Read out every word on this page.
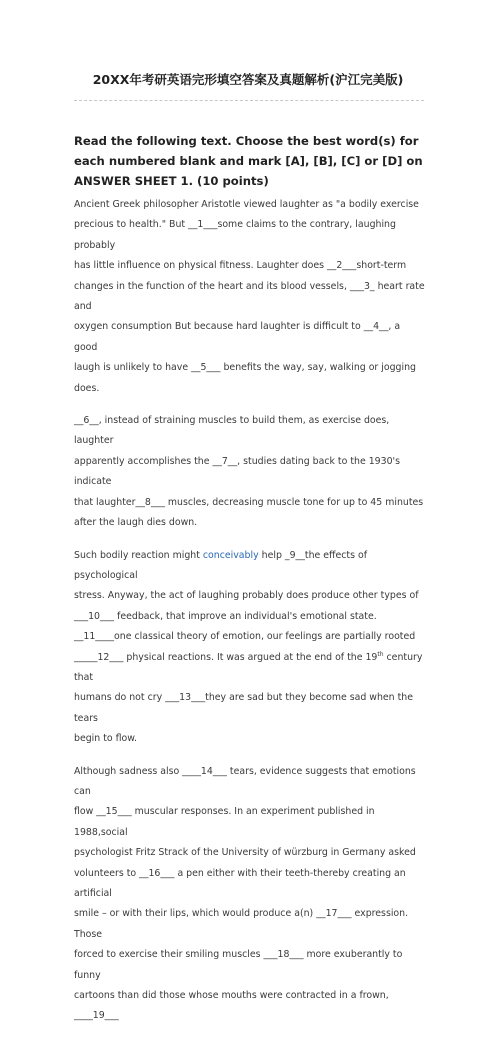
20XX年考研英语完形填空答案及真题解析(沪江完美版)
Read the following text. Choose the best word(s) for each numbered blank and mark [A], [B], [C] or [D] on ANSWER SHEET 1. (10 points)
Ancient Greek philosopher Aristotle viewed laughter as "a bodily exercise
precious to health." But __1___some claims to the contrary, laughing probably
has little influence on physical fitness. Laughter does __2___short-term
changes in the function of the heart and its blood vessels, ___3_ heart rate and
oxygen consumption But because hard laughter is difficult to __4__, a good
laugh is unlikely to have __5___ benefits the way, say, walking or jogging does.
__6__, instead of straining muscles to build them, as exercise does, laughter
apparently accomplishes the __7__, studies dating back to the 1930's indicate
that laughter__8___ muscles, decreasing muscle tone for up to 45 minutes
after the laugh dies down.
Such bodily reaction might conceivably help _9__the effects of psychological
stress. Anyway, the act of laughing probably does produce other types of
___10___ feedback, that improve an individual's emotional state.
__11____one classical theory of emotion, our feelings are partially rooted
_____12___ physical reactions. It was argued at the end of the 19th century that
humans do not cry ___13___they are sad but they become sad when the tears
begin to flow.
Although sadness also ____14___ tears, evidence suggests that emotions can
flow __15___ muscular responses. In an experiment published in 1988,social
psychologist Fritz Strack of the University of würzburg in Germany asked
volunteers to __16___ a pen either with their teeth-thereby creating an artificial
smile – or with their lips, which would produce a(n) __17___ expression. Those
forced to exercise their smiling muscles ___18___ more exuberantly to funny
cartoons than did those whose mouths were contracted in a frown, ____19___
